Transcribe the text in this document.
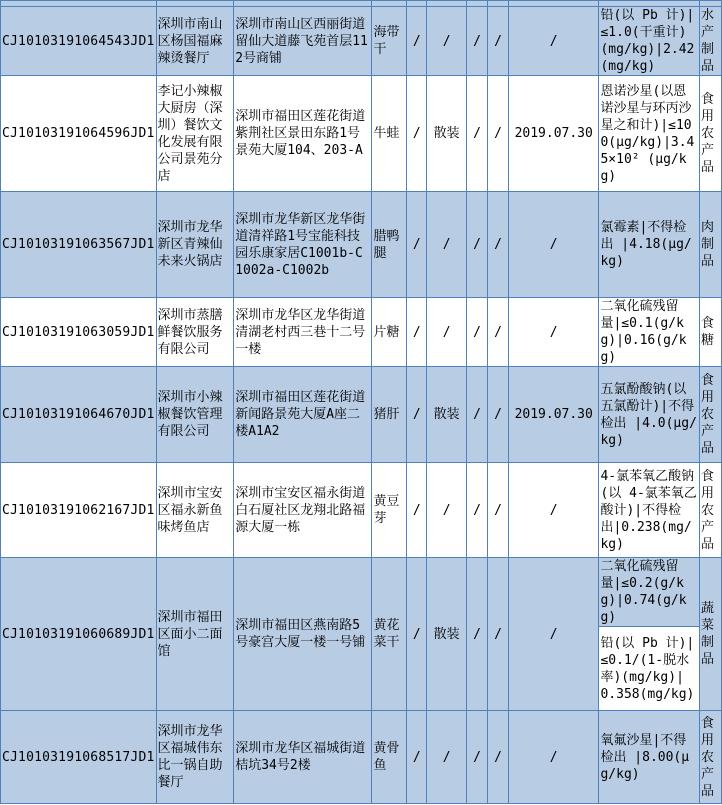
CJ10103191064543JD1	深圳市南山区杨国福麻辣烫餐厅	深圳市南山区西丽街道留仙大道藤飞苑首层112号商铺	海带干	/	/	/	/	/	铅(以 Pb 计)|≤1.0(干重计)(mg/kg)|2.42(mg/kg)	水产制品
CJ10103191064596JD1	李记小辣椒大厨房（深圳）餐饮文化发展有限公司景苑分店	深圳市福田区莲花街道紫荆社区景田东路1号景苑大厦104、203-A	牛蛙	/	散装	/	/	2019.07.30	恩诺沙星(以恩诺沙星与环丙沙星之和计)|≤100(μg/kg)|3.45×10² (μg/kg)	食用农产品
CJ10103191063567JD1	深圳市龙华新区青辣仙未来火锅店	深圳市龙华新区龙华街道清祥路1号宝能科技园乐康家居C1001b-C1002a-C1002b	腊鸭腿	/	/	/	/	/	氯霉素|不得检出 |4.18(μg/kg)	肉制品
CJ10103191063059JD1	深圳市蒸膳鲜餐饮服务有限公司	深圳市龙华区龙华街道清湖老村西三巷十二号一楼	片糖	/	/	/	/	/	二氧化硫残留量|≤0.1(g/kg)|0.16(g/kg)	食糖
CJ10103191064670JD1	深圳市小辣椒餐饮管理有限公司	深圳市福田区莲花街道新闻路景苑大厦A座二楼A1A2	猪肝	/	散装	/	/	2019.07.30	五氯酚酸钠(以五氯酚计)|不得检出 |4.0(μg/kg)	食用农产品
CJ10103191062167JD1	深圳市宝安区福永新鱼味烤鱼店	深圳市宝安区福永街道白石厦社区龙翔北路福源大厦一栋	黄豆芽	/	/	/	/	/	4-氯苯氧乙酸钠(以 4-氯苯氧乙酸计)|不得检出|0.238(mg/kg)	食用农产品
CJ10103191060689JD1	深圳市福田区面小二面馆	深圳市福田区燕南路5号豪宫大厦一楼一号铺	黄花菜干	/	散装	/	/	/	二氧化硫残留量|≤0.2(g/kg)|0.74(g/kg)	蔬菜制品
									铅(以 Pb 计)|≤0.1/(1-脱水率)(mg/kg)|0.358(mg/kg)	
CJ10103191068517JD1	深圳市龙华区福城伟东比一锅自助餐厅	深圳市龙华区福城街道桔坑34号2楼	黄骨鱼	/	/	/	/	/	氧氟沙星|不得检出 |8.00(μg/kg)	食用农产品
